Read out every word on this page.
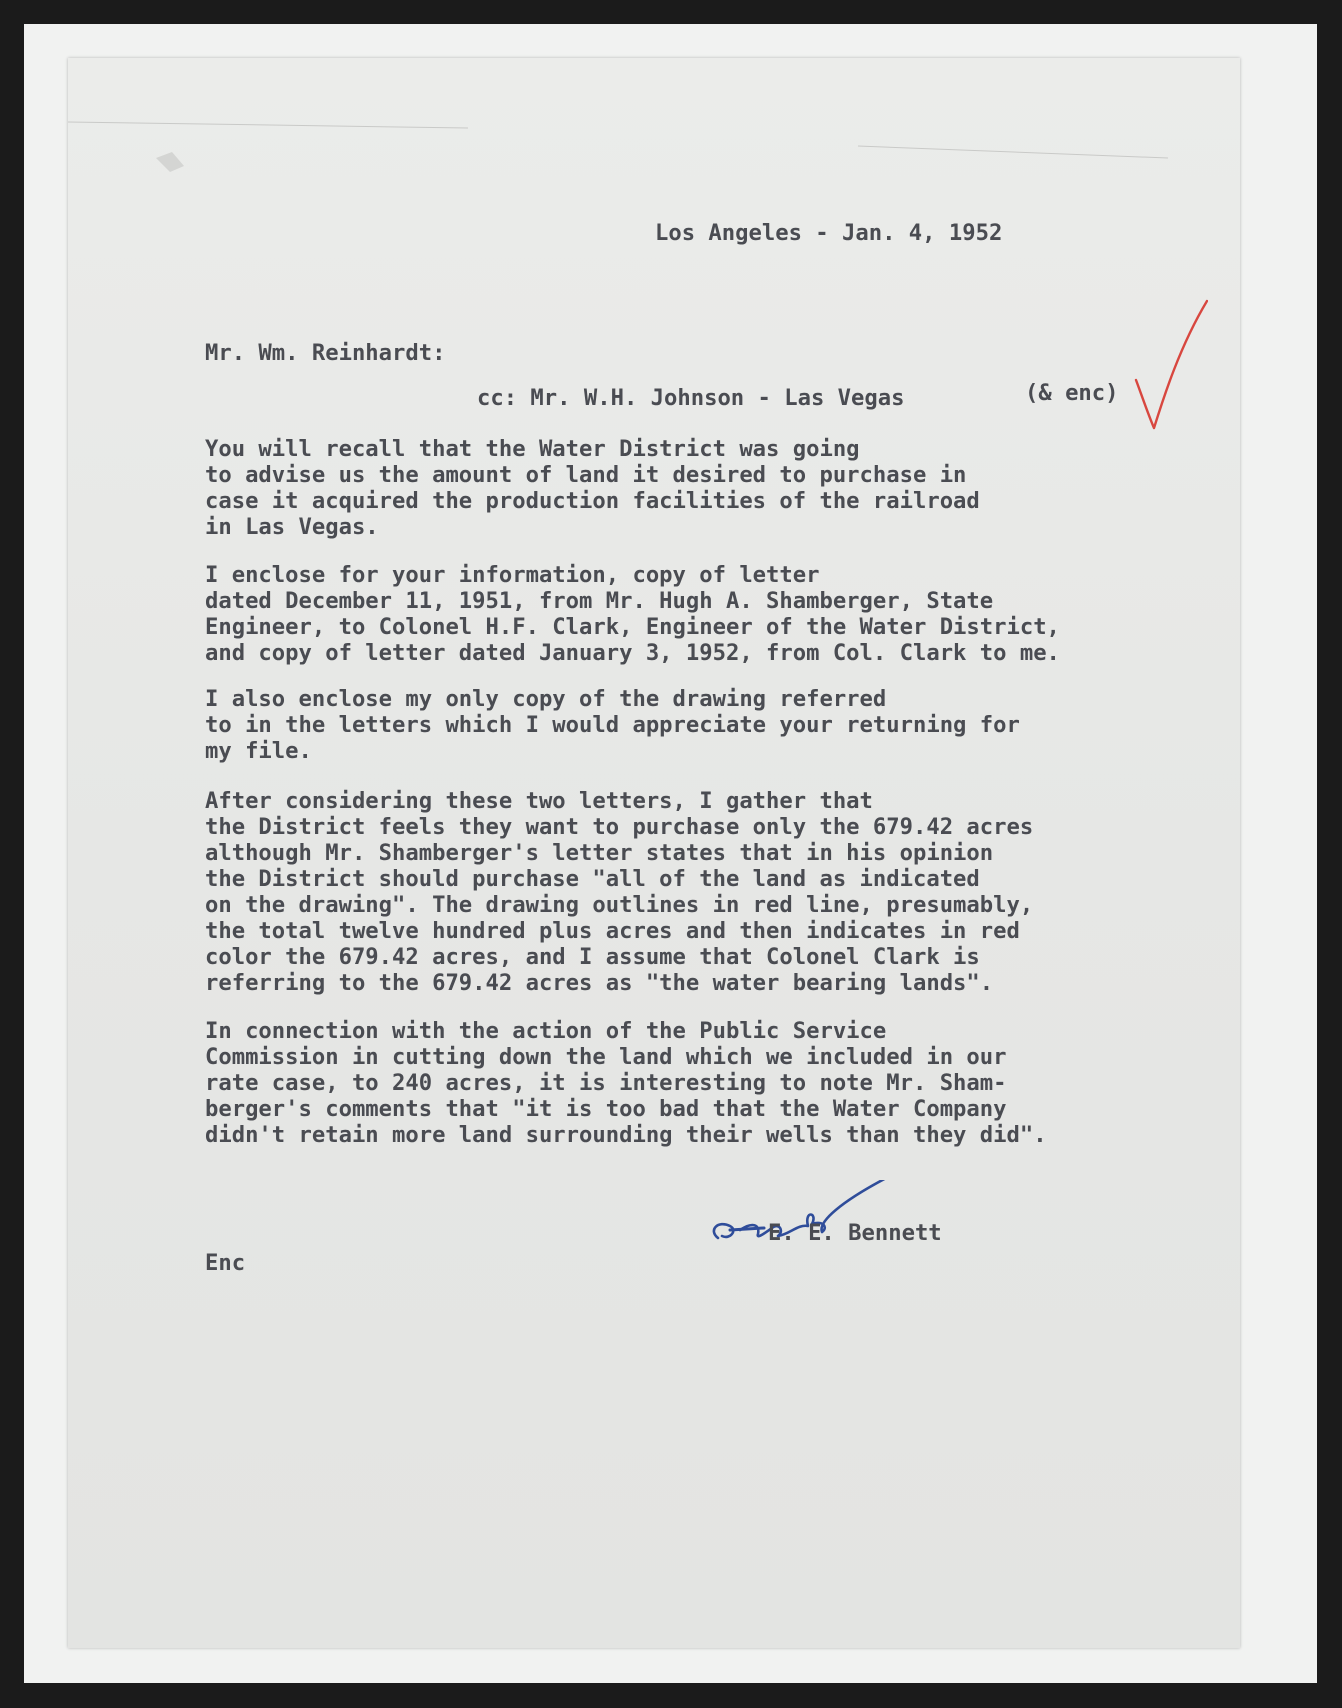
Los Angeles - Jan. 4, 1952
Mr. Wm. Reinhardt:
cc: Mr. W.H. Johnson - Las Vegas	(& enc)
You will recall that the Water District was going
to advise us the amount of land it desired to purchase in
case it acquired the production facilities of the railroad
in Las Vegas.
I enclose for your information, copy of letter
dated December 11, 1951, from Mr. Hugh A. Shamberger, State
Engineer, to Colonel H.F. Clark, Engineer of the Water District,
and copy of letter dated January 3, 1952, from Col. Clark to me.
I also enclose my only copy of the drawing referred
to in the letters which I would appreciate your returning for
my file.
After considering these two letters, I gather that
the District feels they want to purchase only the 679.42 acres
although Mr. Shamberger's letter states that in his opinion
the District should purchase "all of the land as indicated
on the drawing". The drawing outlines in red line, presumably,
the total twelve hundred plus acres and then indicates in red
color the 679.42 acres, and I assume that Colonel Clark is
referring to the 679.42 acres as "the water bearing lands".
In connection with the action of the Public Service
Commission in cutting down the land which we included in our
rate case, to 240 acres, it is interesting to note Mr. Sham-
berger's comments that "it is too bad that the Water Company
didn't retain more land surrounding their wells than they did".
E. E. Bennett
Enc
